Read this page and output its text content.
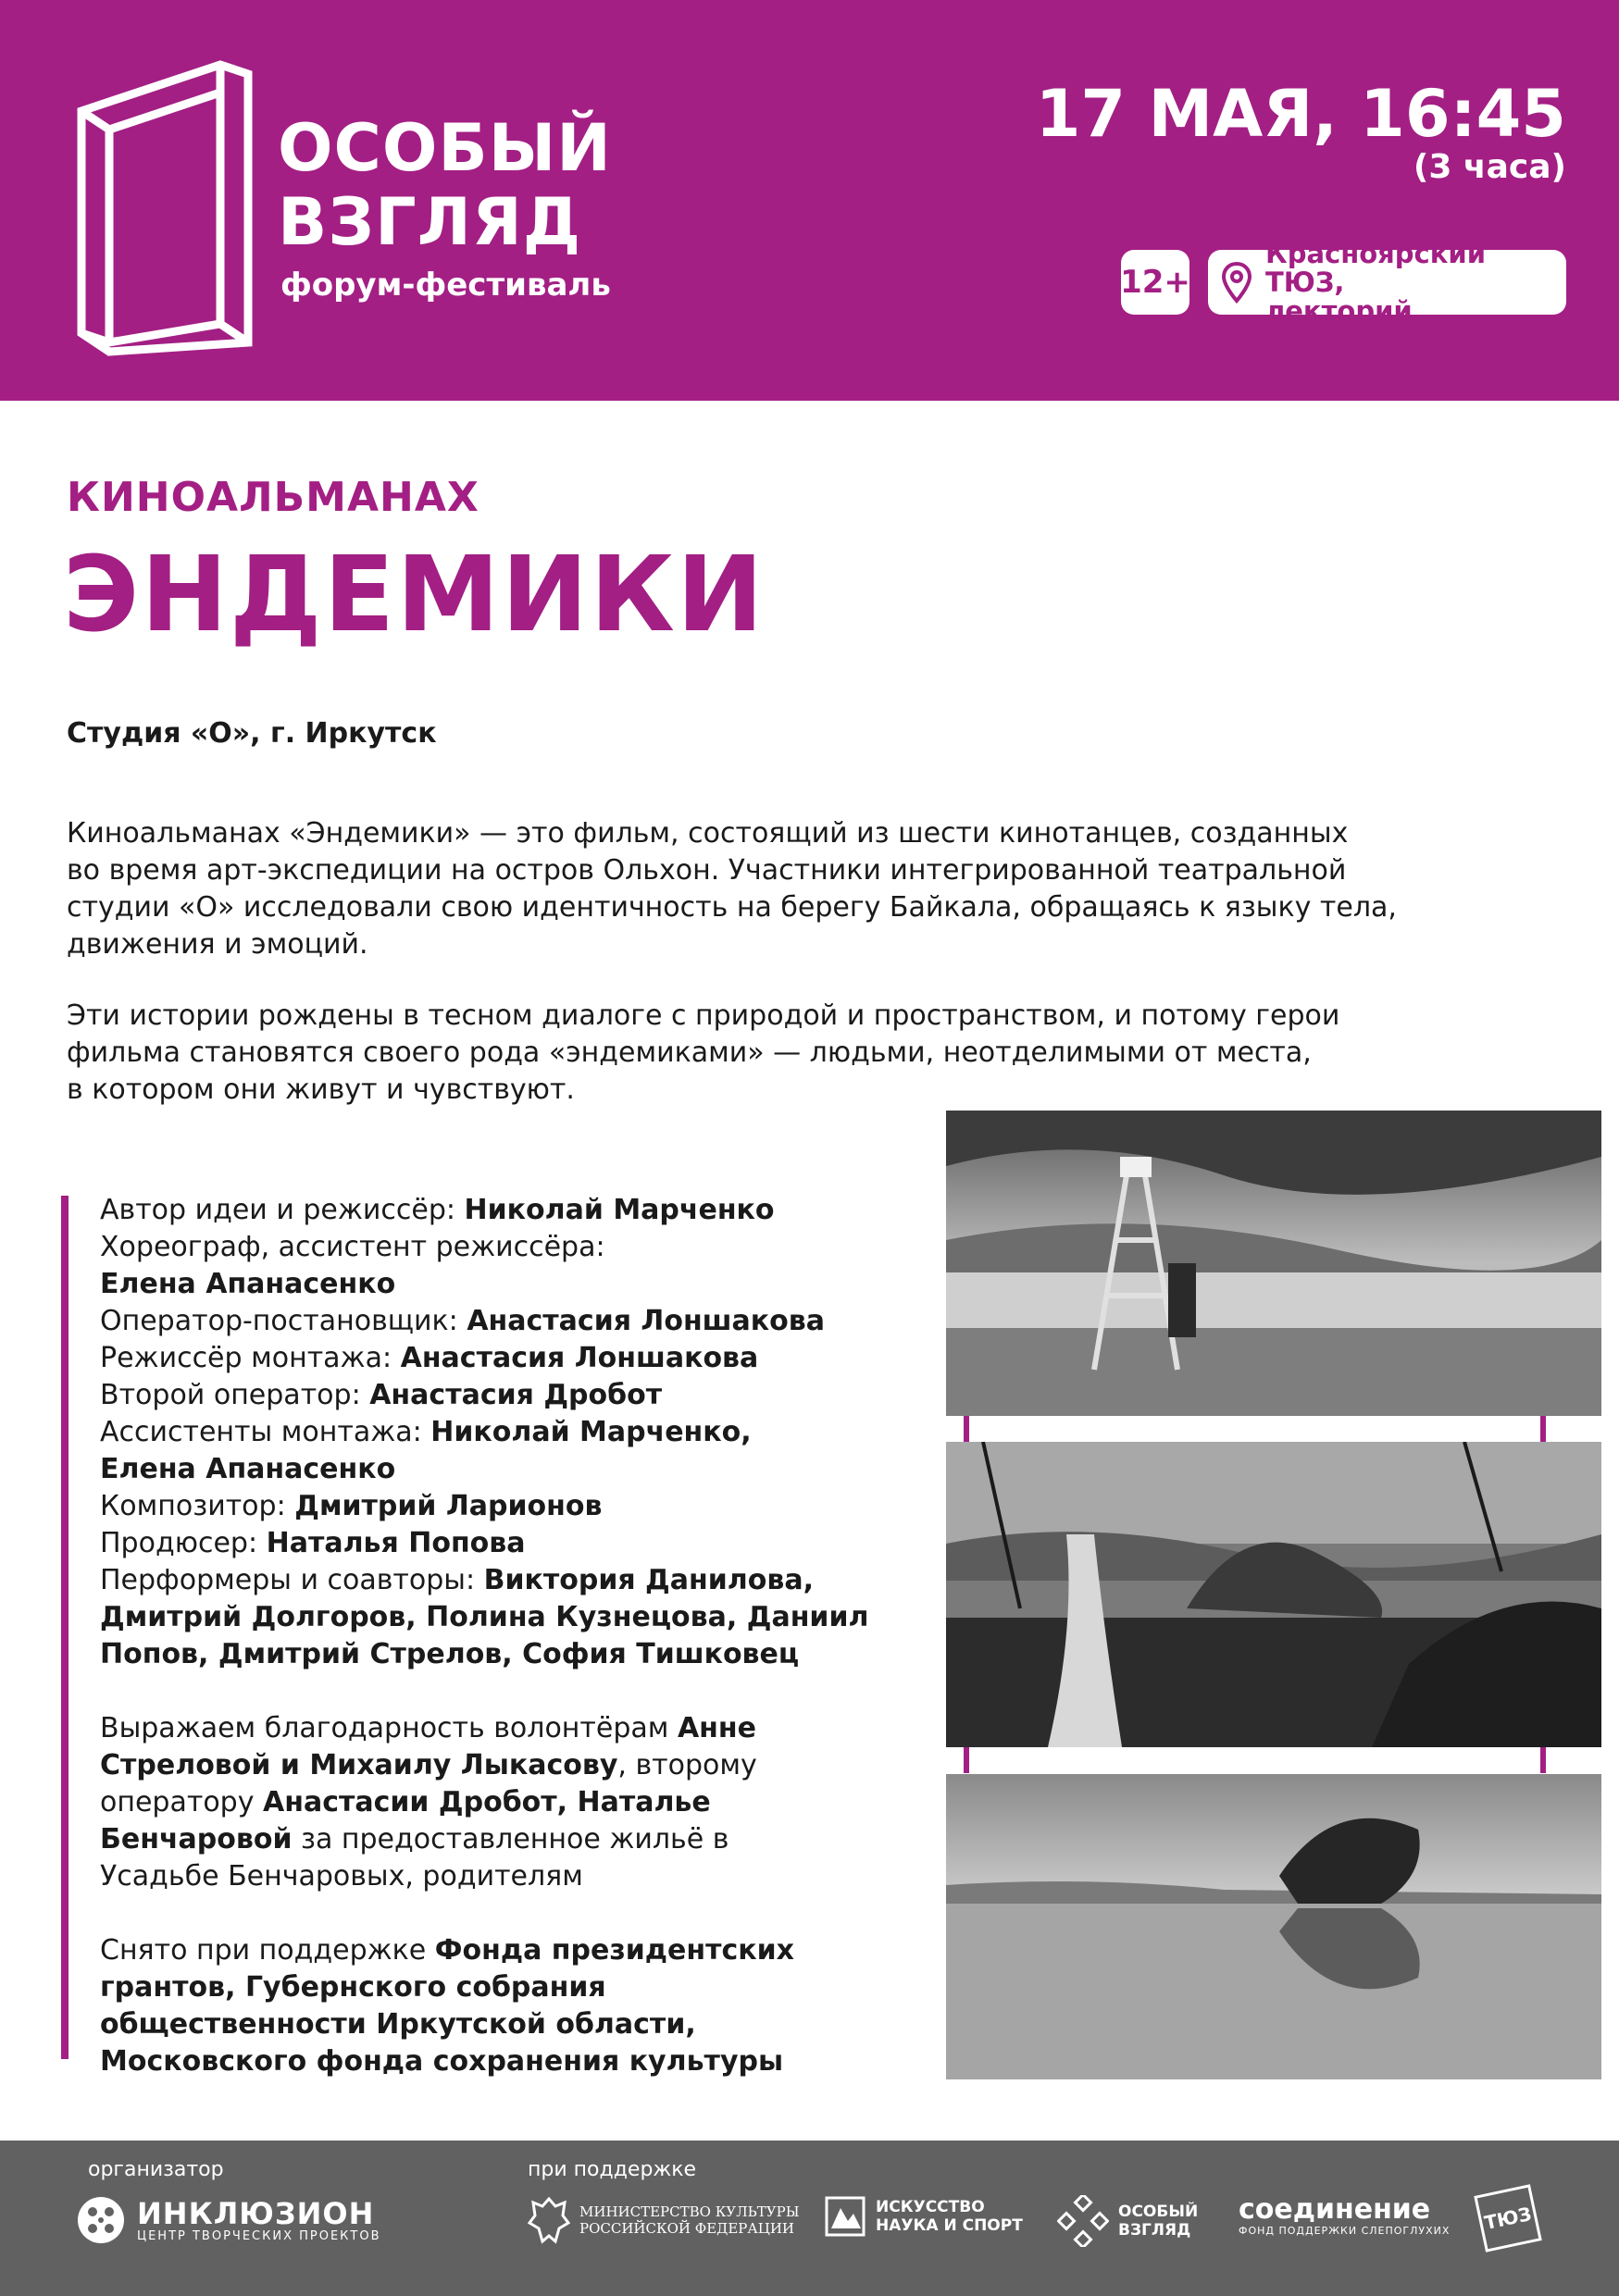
ОСОБЫЙ
ВЗГЛЯД
форум-фестиваль
17 МАЯ, 16:45
(3 часа)
12+
Красноярский ТЮЗ,
лекторий
КИНОАЛЬМАНАХ
ЭНДЕМИКИ
Студия «О», г. Иркутск
Киноальманах «Эндемики» — это фильм, состоящий из шести кинотанцев, созданных
во время арт-экспедиции на остров Ольхон. Участники интегрированной театральной
студии «О» исследовали свою идентичность на берегу Байкала, обращаясь к языку тела,
движения и эмоций.
Эти истории рождены в тесном диалоге с природой и пространством, и потому герои
фильма становятся своего рода «эндемиками» — людьми, неотделимыми от места,
в котором они живут и чувствуют.
Автор идеи и режиссёр: Николай Марченко
Хореограф, ассистент режиссёра:
Елена Апанасенко
Оператор-постановщик: Анастасия Лоншакова
Режиссёр монтажа: Анастасия Лоншакова
Второй оператор: Анастасия Дробот
Ассистенты монтажа: Николай Марченко,
Елена Апанасенко
Композитор: Дмитрий Ларионов
Продюсер: Наталья Попова
Перформеры и соавторы: Виктория Данилова,
Дмитрий Долгоров, Полина Кузнецова, Даниил
Попов, Дмитрий Стрелов, София Тишковец
Выражаем благодарность волонтёрам Анне
Стреловой и Михаилу Лыкасову, второму
оператору Анастасии Дробот, Наталье
Бенчаровой за предоставленное жильё в
Усадьбе Бенчаровых, родителям
Снято при поддержке Фонда президентских
грантов, Губернского собрания
общественности Иркутской области,
Московского фонда сохранения культуры
организатор	при поддержке
ИНКЛЮЗИОН
ЦЕНТР ТВОРЧЕСКИХ ПРОЕКТОВ
МИНИСТЕРСТВО КУЛЬТУРЫ
РОССИЙСКОЙ ФЕДЕРАЦИИ
ИСКУССТВО
НАУКА И СПОРТ
ОСОБЫЙ
ВЗГЛЯД
соединение
ФОНД ПОДДЕРЖКИ СЛЕПОГЛУХИХ	ТЮЗ
